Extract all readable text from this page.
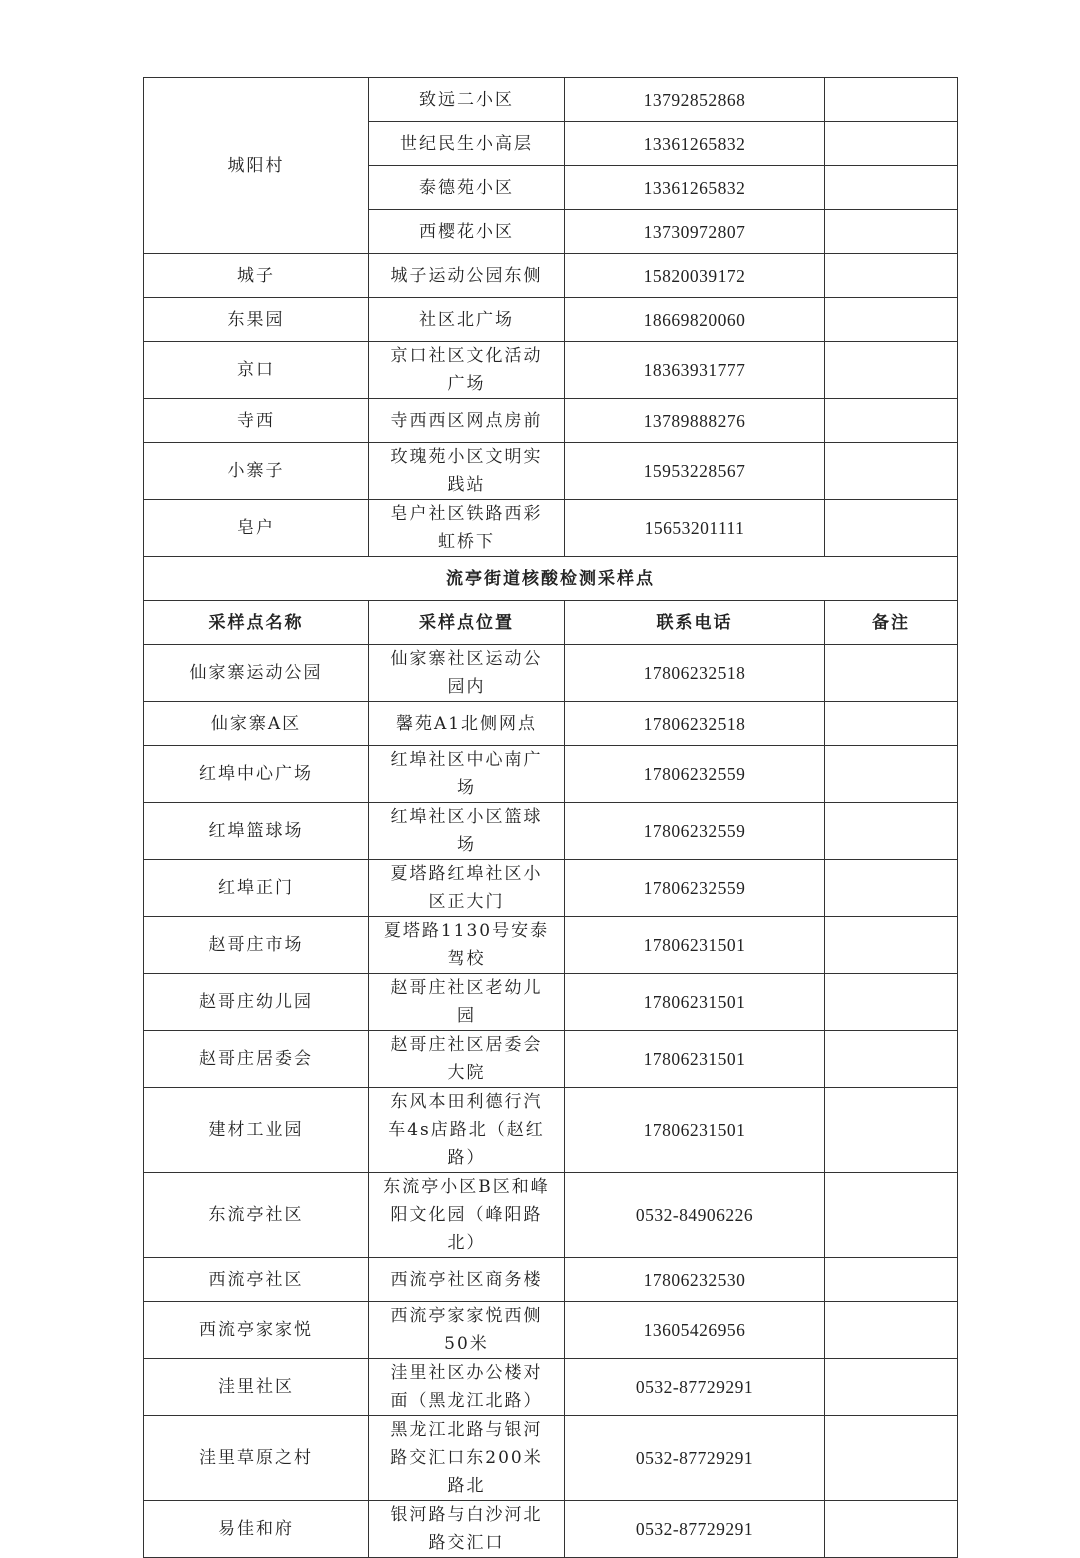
城阳村	致远二小区	13792852868	
	世纪民生小高层	13361265832	
	泰德苑小区	13361265832	
	西樱花小区	13730972807	
城子	城子运动公园东侧	15820039172	
东果园	社区北广场	18669820060	
京口	京口社区文化活动广场	18363931777	
寺西	寺西西区网点房前	13789888276	
小寨子	玫瑰苑小区文明实践站	15953228567	
皂户	皂户社区铁路西彩虹桥下	15653201111	
流亭街道核酸检测采样点			
采样点名称	采样点位置	联系电话	备注
仙家寨运动公园	仙家寨社区运动公园内	17806232518	
仙家寨A区	馨苑A1北侧网点	17806232518	
红埠中心广场	红埠社区中心南广场	17806232559	
红埠篮球场	红埠社区小区篮球场	17806232559	
红埠正门	夏塔路红埠社区小区正大门	17806232559	
赵哥庄市场	夏塔路1130号安泰驾校	17806231501	
赵哥庄幼儿园	赵哥庄社区老幼儿园	17806231501	
赵哥庄居委会	赵哥庄社区居委会大院	17806231501	
建材工业园	东风本田利德行汽车4s店路北（赵红路）	17806231501	
东流亭社区	东流亭小区B区和峰阳文化园（峰阳路北）	0532-84906226	
西流亭社区	西流亭社区商务楼	17806232530	
西流亭家家悦	西流亭家家悦西侧50米	13605426956	
洼里社区	洼里社区办公楼对面（黑龙江北路）	0532-87729291	
洼里草原之村	黑龙江北路与银河路交汇口东200米路北	0532-87729291	
易佳和府	银河路与白沙河北路交汇口	0532-87729291	
